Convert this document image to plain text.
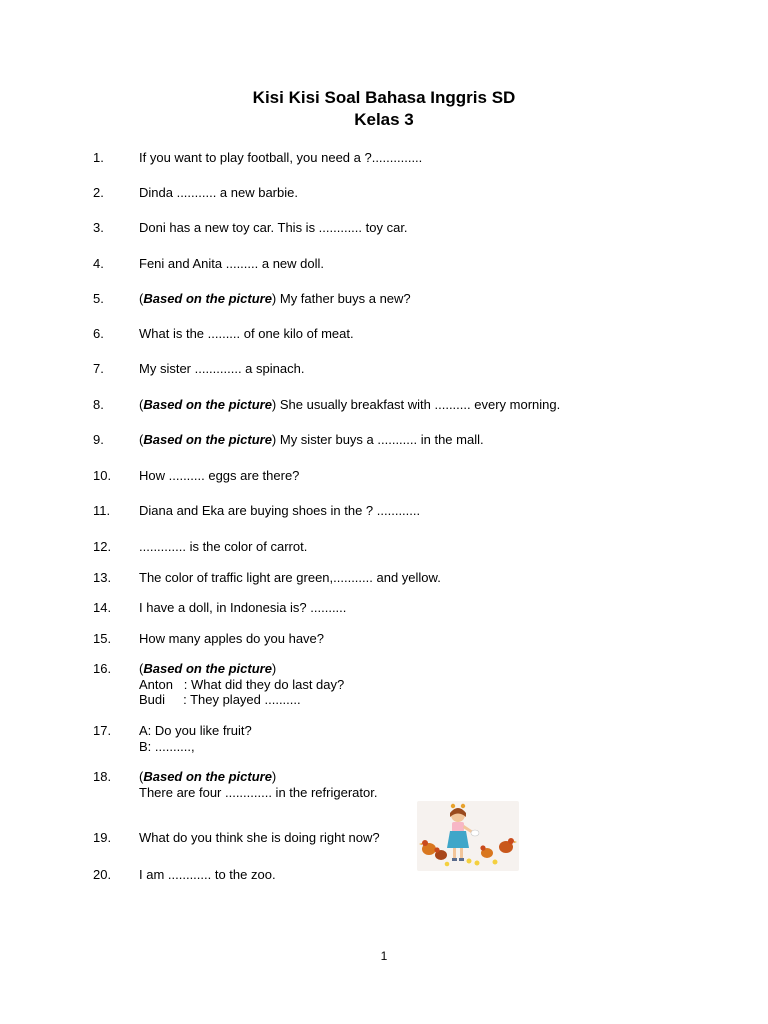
Kisi Kisi Soal Bahasa Inggris SD
Kelas 3
1.	If you want to play football, you need a ?..............
2.	Dinda ........... a new barbie.
3.	Doni has a new toy car. This is ............ toy car.
4.	Feni and Anita ......... a new doll.
5.	(Based on the picture) My father buys a new?
6.	What is the ......... of one kilo of meat.
7.	My sister ............. a spinach.
8.	(Based on the picture) She usually breakfast with .......... every morning.
9.	(Based on the picture) My sister buys a ........... in the mall.
10.	How .......... eggs are there?
11.	Diana and Eka are buying shoes in the ? ............
12.	............. is the color of carrot.
13.	The color of traffic light are green,........... and yellow.
14.	I have a doll, in Indonesia is? ..........
15.	How many apples do you have?
16.	(Based on the picture)
Anton   : What did they do last day?
Budi     : They played ..........
17.	A: Do you like fruit?
B: ..........,
18.	(Based on the picture)
There are four ............. in the refrigerator.
19.	What do you think she is doing right now?
20.	I am ............ to the zoo.
1
